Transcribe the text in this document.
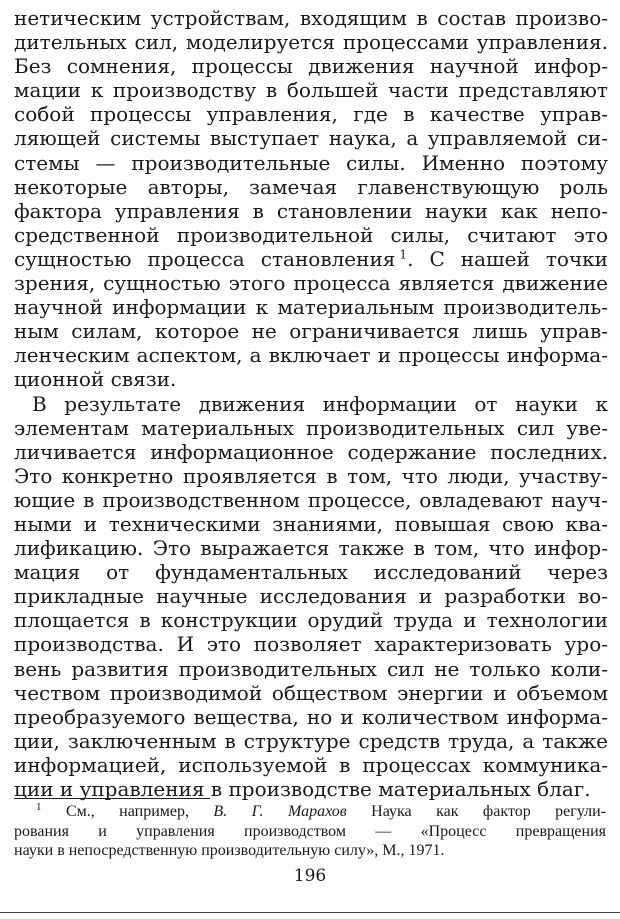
нетическим устройствам, входящим в состав произво-
дительных сил, моделируется процессами управления.
Без сомнения, процессы движения научной инфор-
мации к производству в большей части представляют
собой процессы управления, где в качестве управ-
ляющей системы выступает наука, а управляемой си-
стемы — производительные силы. Именно поэтому
некоторые авторы, замечая главенствующую роль
фактора управления в становлении науки как непо-
средственной производительной силы, считают это
сущностью процесса становления  $^1$. С нашей точки
зрения, сущностью этого процесса является движение
научной информации к материальным производитель-
ным силам, которое не ограничивается лишь управ-
ленческим аспектом, а включает и процессы информа-
ционной связи.
В результате движения информации от науки к
элементам материальных производительных сил уве-
личивается информационное содержание последних.
Это конкретно проявляется в том, что люди, участву-
ющие в производственном процессе, овладевают науч-
ными и техническими знаниями, повышая свою ква-
лификацию. Это выражается также в том, что инфор-
мация от фундаментальных исследований через
прикладные научные исследования и разработки во-
площается в конструкции орудий труда и технологии
производства. И это позволяет характеризовать уро-
вень развития производительных сил не только коли-
чеством производимой обществом энергии и объемом
преобразуемого вещества, но и количеством информа-
ции, заключенным в структуре средств труда, а также
информацией, используемой в процессах коммуника-
ции и управления в производстве материальных благ.
$^1$ См., например, В. Г. Марахов Наука как фактор регули-
рования и управления производством — «Процесс превращения
науки в непосредственную производительную силу», М., 1971.
196
